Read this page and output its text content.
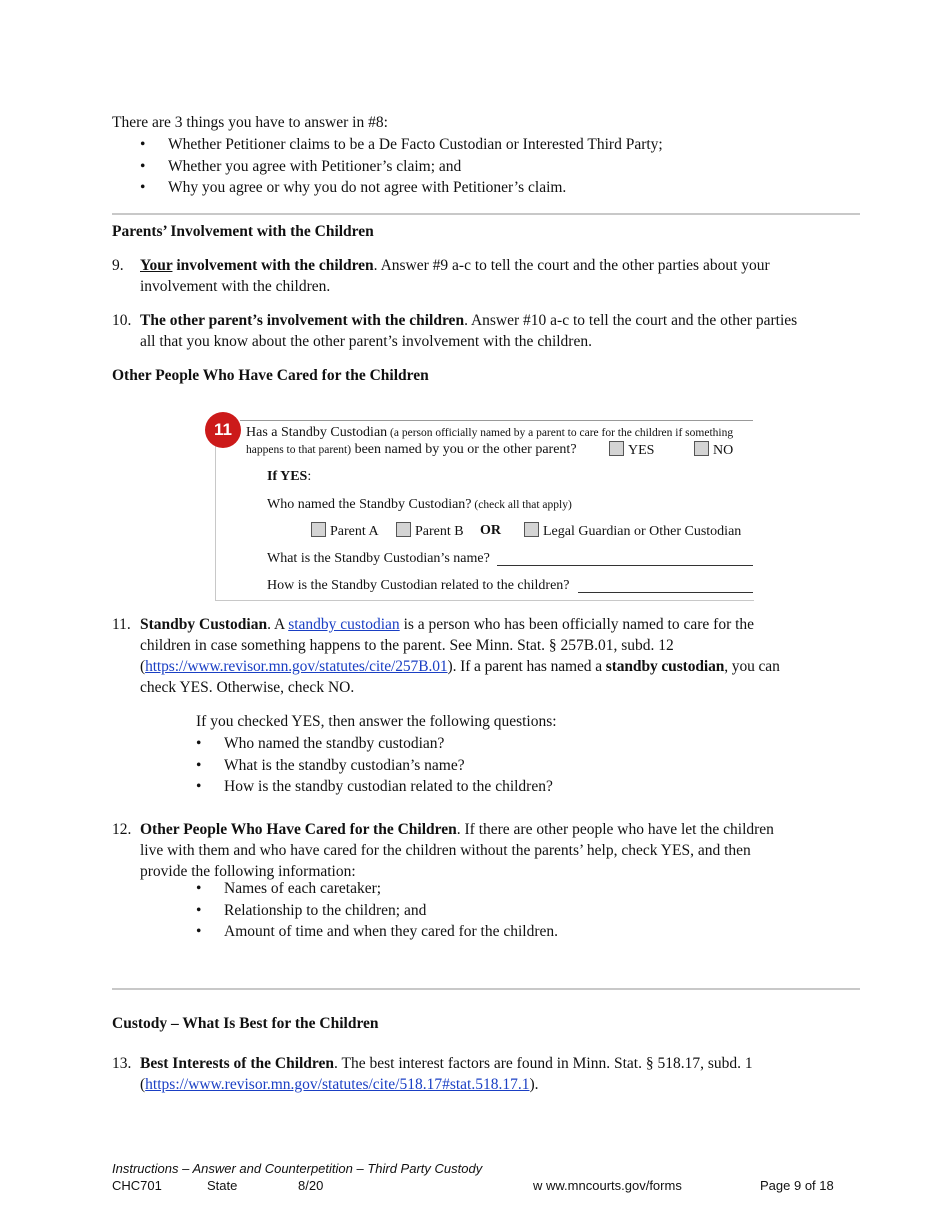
There are 3 things you have to answer in #8:
• Whether Petitioner claims to be a De Facto Custodian or Interested Third Party;
• Whether you agree with Petitioner’s claim; and
• Why you agree or why you do not agree with Petitioner’s claim.
Parents’ Involvement with the Children
9. Your involvement with the children. Answer #9 a-c to tell the court and the other parties about your
involvement with the children.
10. The other parent’s involvement with the children. Answer #10 a-c to tell the court and the other parties
all that you know about the other parent’s involvement with the children.
Other People Who Have Cared for the Children
11	Has a Standby Custodian (a person officially named by a parent to care for the children if something
happens to that parent) been named by you or the other parent?	YES	NO
If YES:
Who named the Standby Custodian? (check all that apply)
Parent A	Parent B OR	Legal Guardian or Other Custodian
What is the Standby Custodian’s name?
How is the Standby Custodian related to the children?
11. Standby Custodian. A standby custodian is a person who has been officially named to care for the
children in case something happens to the parent. See Minn. Stat. § 257B.01, subd. 12
(https://www.revisor.mn.gov/statutes/cite/257B.01). If a parent has named a standby custodian, you can
check YES. Otherwise, check NO.
If you checked YES, then answer the following questions:
• Who named the standby custodian?
• What is the standby custodian’s name?
• How is the standby custodian related to the children?
12. Other People Who Have Cared for the Children. If there are other people who have let the children
live with them and who have cared for the children without the parents’ help, check YES, and then
provide the following information:
• Names of each caretaker;
• Relationship to the children; and
• Amount of time and when they cared for the children.
Custody – What Is Best for the Children
13. Best Interests of the Children. The best interest factors are found in Minn. Stat. § 518.17, subd. 1
(https://www.revisor.mn.gov/statutes/cite/518.17#stat.518.17.1).
Instructions – Answer and Counterpetition – Third Party Custody
CHC701	State	8/20	w ww.mncourts.gov/forms	Page 9 of 18
